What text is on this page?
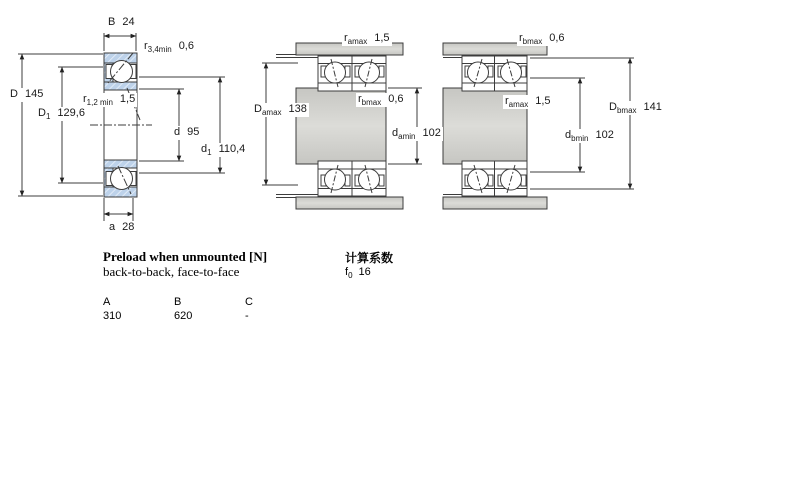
B 24
$r_{3,4min}$ 0,6
D 145
$D_1$ 129,6
$r_{1,2 min}$ 1,5
d 95
$d_1$ 110,4
a 28
$r_{amax}$ 1,5
$r_{bmax}$ 0,6
$D_{amax}$ 138
$d_{amin}$ 102
$r_{bmax}$ 0,6
$r_{amax}$ 1,5	$D_{bmax}$ 141
$d_{bmin}$ 102
Preload when unmounted [N]
back-to-back, face-to-face
计算系数
$f_0$ 16
A	B	C
310	620	-
